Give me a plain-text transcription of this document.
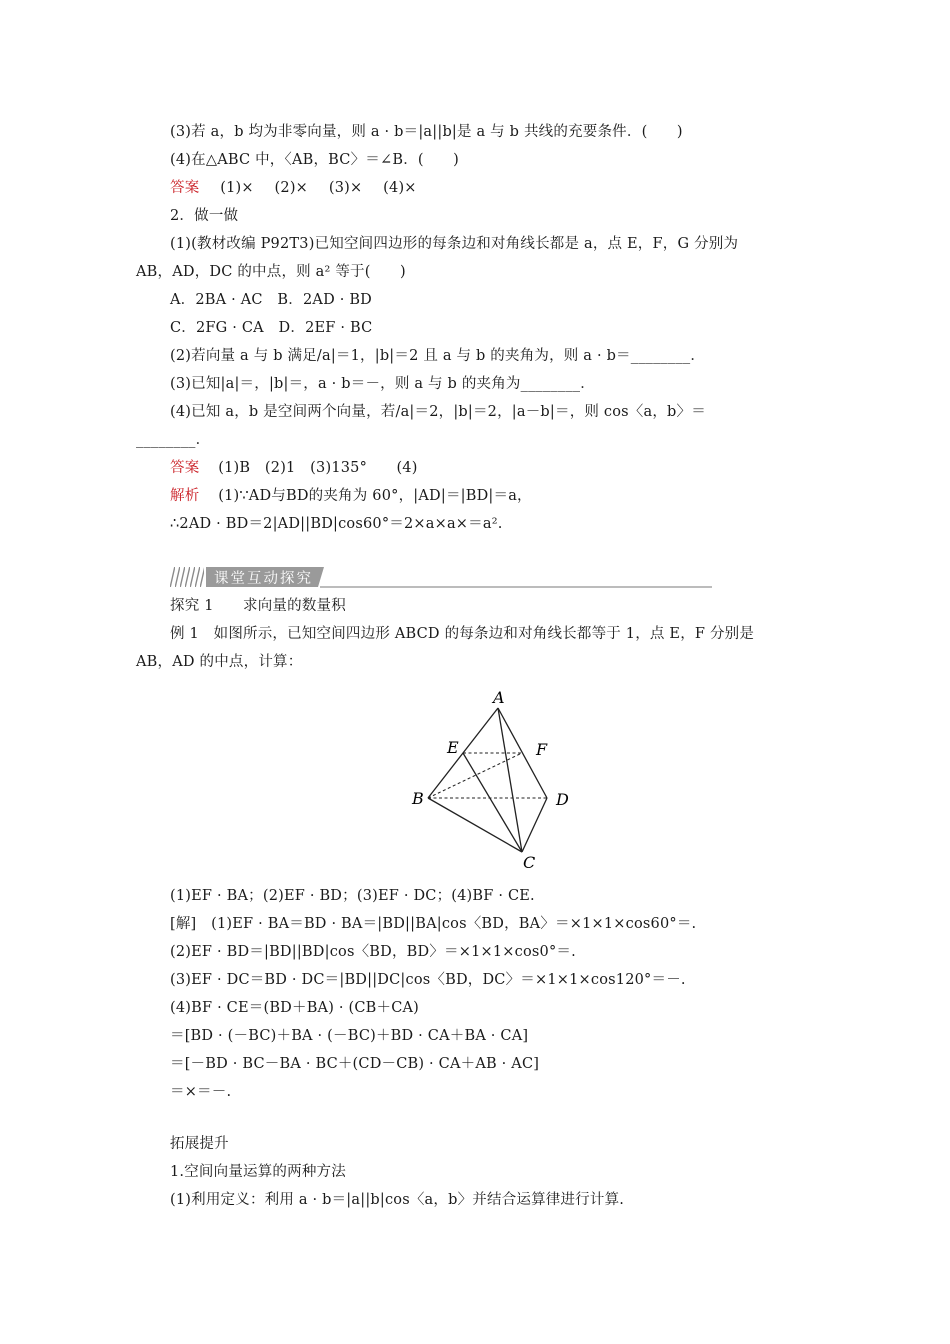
(3)若 a，b 均为非零向量，则 a · b＝|a||b|是 a 与 b 共线的充要条件．(　　)
(4)在△ABC 中，〈AB，BC〉＝∠B．(　　)
答案 (1)× (2)× (3)× (4)×
2．做一做
(1)(教材改编 P92T3)已知空间四边形的每条边和对角线长都是 a，点 E，F，G 分别为
AB，AD，DC 的中点，则 a² 等于(　　)
A．2BA · AC　B．2AD · BD
C．2FG · CA　D．2EF · BC
(2)若向量 a 与 b 满足/a|＝1，|b|＝2 且 a 与 b 的夹角为，则 a · b＝________．
(3)已知|a|＝，|b|＝，a · b＝－，则 a 与 b 的夹角为________．
(4)已知 a，b 是空间两个向量，若/a|＝2，|b|＝2，|a－b|＝，则 cos〈a，b〉＝
________．
答案 (1)B　(2)1　(3)135°　　(4)
解析 (1)∵AD与BD的夹角为 60°，|AD|＝|BD|＝a，
∴2AD · BD＝2|AD||BD|cos60°＝2×a×a×＝a².
课堂互动探究
探究 1　　求向量的数量积
例 1　如图所示，已知空间四边形 ABCD 的每条边和对角线长都等于 1，点 E，F 分别是
AB，AD 的中点，计算：
A
B
C
D
E	F
(1)EF · BA；(2)EF · BD；(3)EF · DC；(4)BF · CE.
[解]　(1)EF · BA＝BD · BA＝|BD||BA|cos〈BD，BA〉＝×1×1×cos60°＝.
(2)EF · BD＝|BD||BD|cos〈BD，BD〉＝×1×1×cos0°＝.
(3)EF · DC＝BD · DC＝|BD||DC|cos〈BD，DC〉＝×1×1×cos120°＝－.
(4)BF · CE＝(BD＋BA) · (CB＋CA)
＝[BD · (－BC)＋BA · (－BC)＋BD · CA＋BA · CA]
＝[－BD · BC－BA · BC＋(CD－CB) · CA＋AB · AC]
＝×＝－.
拓展提升
1.空间向量运算的两种方法
(1)利用定义：利用 a · b＝|a||b|cos〈a，b〉并结合运算律进行计算.
